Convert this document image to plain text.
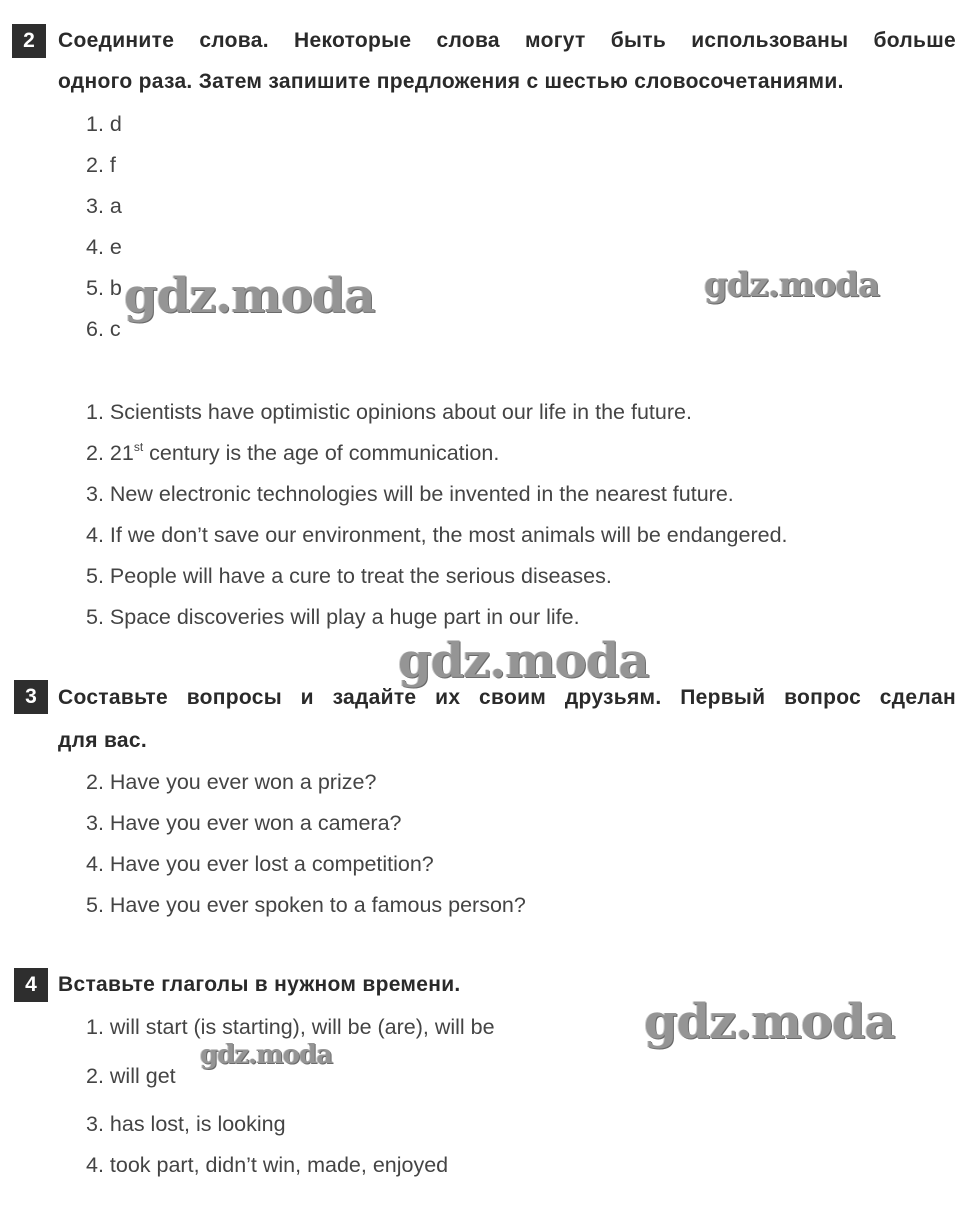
2	Соедините слова. Некоторые слова могут быть использованы больше
одного раза. Затем запишите предложения с шестью словосочетаниями.
1. d
2. f
3. a
4. e
5. b
6. c
1. Scientists have optimistic opinions about our life in the future.
2. 21st century is the age of communication.
3. New electronic technologies will be invented in the nearest future.
4. If we don’t save our environment, the most animals will be endangered.
5. People will have a cure to treat the serious diseases.
5. Space discoveries will play a huge part in our life.
3	Составьте вопросы и задайте их своим друзьям. Первый вопрос сделан
для вас.
2. Have you ever won a prize?
3. Have you ever won a camera?
4. Have you ever lost a competition?
5. Have you ever spoken to a famous person?
4	Вставьте глаголы в нужном времени.
1. will start (is starting), will be (are), will be
2. will get
3. has lost, is looking
4. took part, didn’t win, made, enjoyed
gdz.moda	gdz.moda
gdz.moda
gdz.moda
gdz.moda
